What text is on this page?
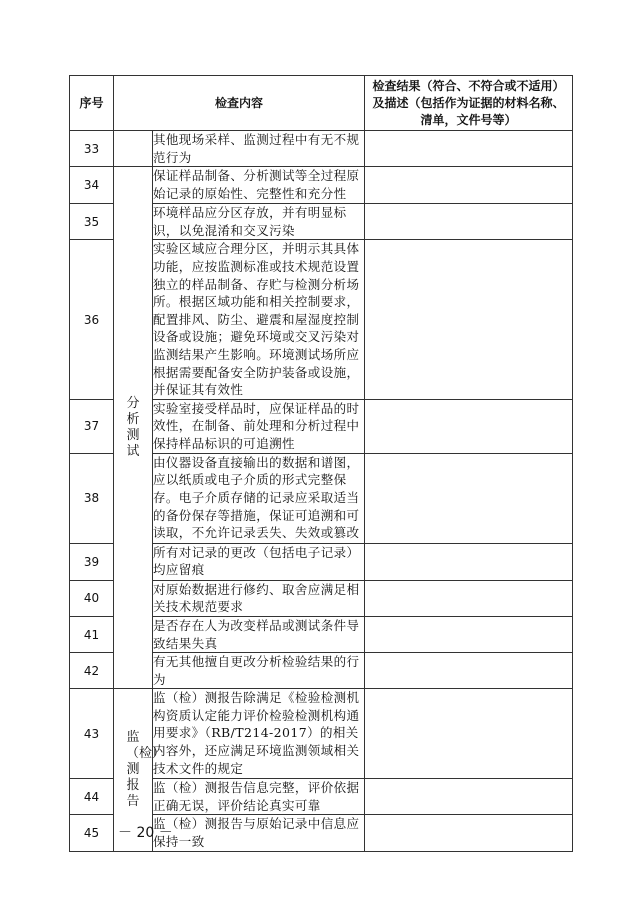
序号	检查内容		检查结果（符合、不符合或不适用）及描述（包括作为证据的材料名称、清单，文件号等）
33		其他现场采样、监测过程中有无不规范行为	
34	分析测试	保证样品制备、分析测试等全过程原始记录的原始性、完整性和充分性	
35		环境样品应分区存放，并有明显标识，以免混淆和交叉污染	
36		实验区域应合理分区，并明示其具体功能，应按监测标准或技术规范设置独立的样品制备、存贮与检测分析场所。根据区域功能和相关控制要求，配置排风、防尘、避震和屋湿度控制设备或设施；避免环境或交叉污染对监测结果产生影响。环境测试场所应根据需要配备安全防护装备或设施，并保证其有效性	
37		实验室接受样品时，应保证样品的时效性，在制备、前处理和分析过程中保持样品标识的可追溯性	
38		由仪器设备直接输出的数据和谱图，应以纸质或电子介质的形式完整保存。电子介质存储的记录应采取适当的备份保存等措施，保证可追溯和可读取，不允许记录丢失、失效或篡改	
39		所有对记录的更改（包括电子记录）均应留痕	
40		对原始数据进行修约、取舍应满足相关技术规范要求	
41		是否存在人为改变样品或测试条件导致结果失真	
42		有无其他擅自更改分析检验结果的行为	
43	监（检）测报告	监（检）测报告除满足《检验检测机构资质认定能力评价检验检测机构通用要求》（RB/T214-2017）的相关内容外，还应满足环境监测领域相关技术文件的规定	
44		监（检）测报告信息完整，评价依据正确无误，评价结论真实可靠	
45		监（检）测报告与原始记录中信息应保持一致	
－ 20 －
